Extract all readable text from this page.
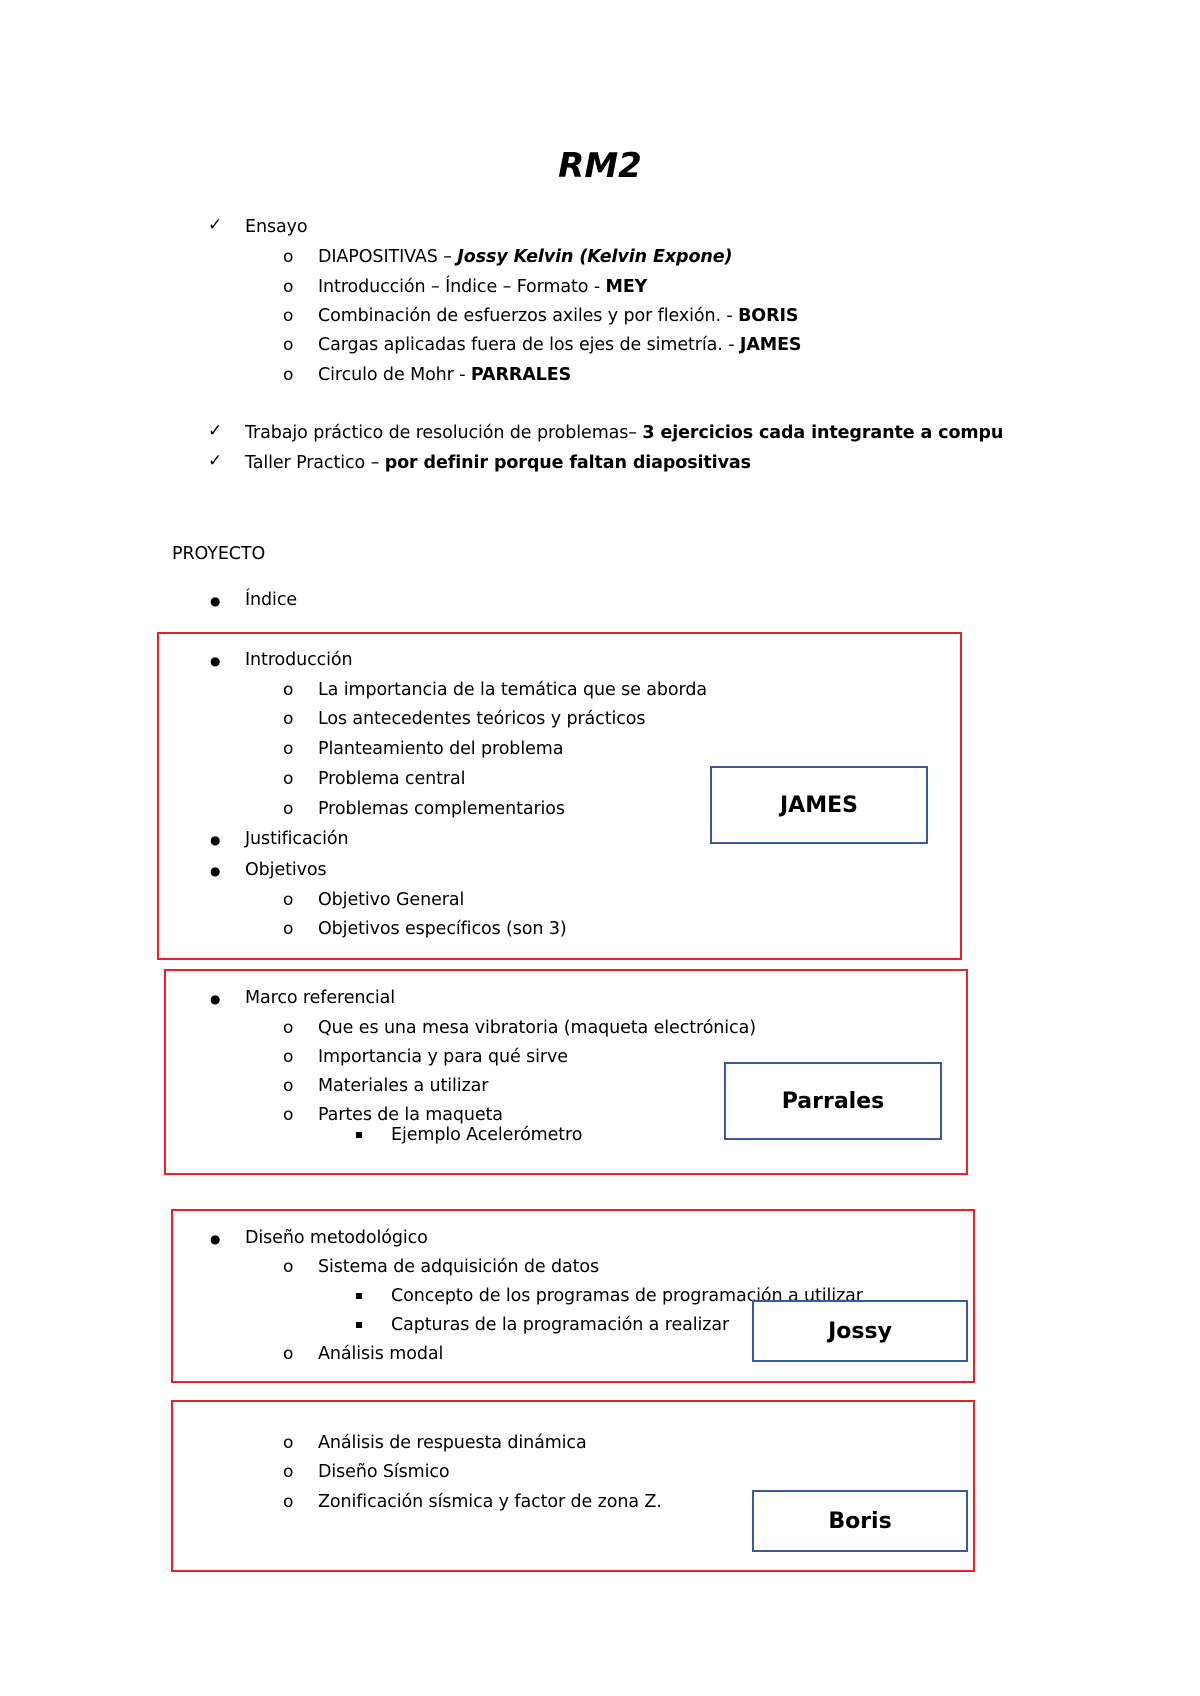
RM2
✓ Ensayo
o DIAPOSITIVAS – Jossy Kelvin (Kelvin Expone)
o Introducción – Índice – Formato - MEY
o Combinación de esfuerzos axiles y por flexión. - BORIS
o Cargas aplicadas fuera de los ejes de simetría. - JAMES
o Circulo de Mohr - PARRALES
✓ Trabajo práctico de resolución de problemas– 3 ejercicios cada integrante a compu
✓ Taller Practico – por definir porque faltan diapositivas
PROYECTO
● Índice
● Introducción
o La importancia de la temática que se aborda
o Los antecedentes teóricos y prácticos
o Planteamiento del problema
o Problema central
o Problemas complementarios
● Justificación
● Objetivos
o Objetivo General
o Objetivos específicos (son 3)
JAMES
● Marco referencial
o Que es una mesa vibratoria (maqueta electrónica)
o Importancia y para qué sirve
o Materiales a utilizar
o Partes de la maqueta
Ejemplo Acelerómetro
Parrales
● Diseño metodológico
o Sistema de adquisición de datos
Concepto de los programas de programación a utilizar
Capturas de la programación a realizar
o Análisis modal
Jossy
o Análisis de respuesta dinámica
o Diseño Sísmico
o Zonificación sísmica y factor de zona Z.
Boris
